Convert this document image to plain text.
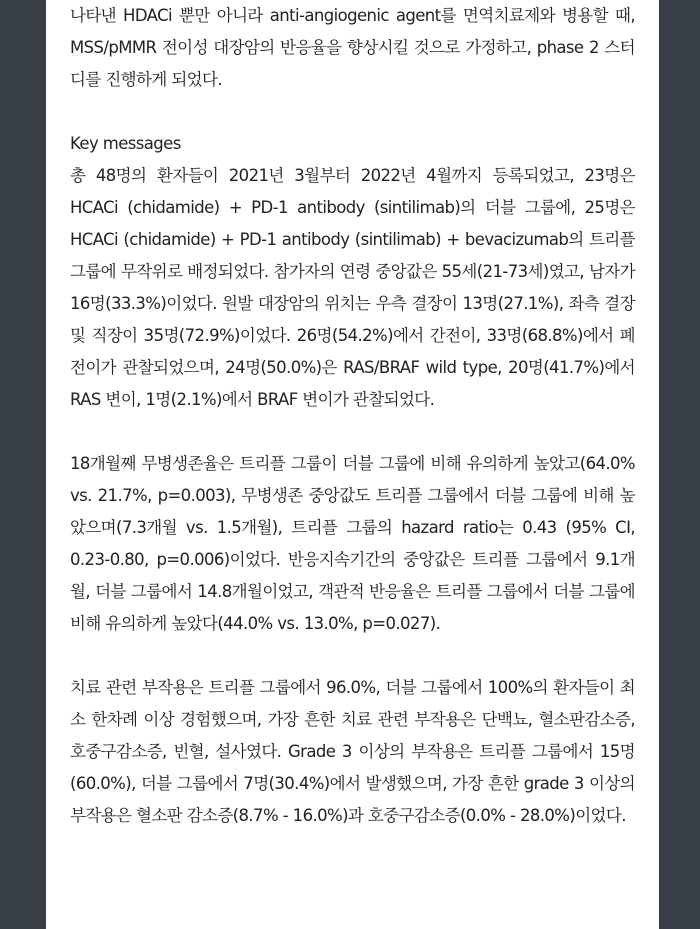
나타낸 HDACi 뿐만 아니라 anti-angiogenic agent를 면역치료제와 병용할 때, MSS/pMMR 전이성 대장암의 반응율을 향상시킬 것으로 가정하고, phase 2 스터디를 진행하게 되었다.

Key messages

총 48명의 환자들이 2021년 3월부터 2022년 4월까지 등록되었고, 23명은 HCACi (chidamide) + PD-1 antibody (sintilimab)의 더블 그룹에, 25명은 HCACi (chidamide) + PD-1 antibody (sintilimab) + bevacizumab의 트리플 그룹에 무작위로 배정되었다. 참가자의 연령 중앙값은 55세(21-73세)였고, 남자가 16명(33.3%)이었다. 원발 대장암의 위치는 우측 결장이 13명(27.1%), 좌측 결장 및 직장이 35명(72.9%)이었다. 26명(54.2%)에서 간전이, 33명(68.8%)에서 폐전이가 관찰되었으며, 24명(50.0%)은 RAS/BRAF wild type, 20명(41.7%)에서 RAS 변이, 1명(2.1%)에서 BRAF 변이가 관찰되었다.

18개월째 무병생존율은 트리플 그룹이 더블 그룹에 비해 유의하게 높았고(64.0% vs. 21.7%, p=0.003), 무병생존 중앙값도 트리플 그룹에서 더블 그룹에 비해 높았으며(7.3개월 vs. 1.5개월), 트리플 그룹의 hazard ratio는 0.43 (95% CI, 0.23-0.80, p=0.006)이었다. 반응지속기간의 중앙값은 트리플 그룹에서 9.1개월, 더블 그룹에서 14.8개월이었고, 객관적 반응율은 트리플 그룹에서 더블 그룹에 비해 유의하게 높았다(44.0% vs. 13.0%, p=0.027).

치료 관련 부작용은 트리플 그룹에서 96.0%, 더블 그룹에서 100%의 환자들이 최소 한차례 이상 경험했으며, 가장 흔한 치료 관련 부작용은 단백뇨, 혈소판감소증, 호중구감소증, 빈혈, 설사였다. Grade 3 이상의 부작용은 트리플 그룹에서 15명(60.0%), 더블 그룹에서 7명(30.4%)에서 발생했으며, 가장 흔한 grade 3 이상의 부작용은 혈소판 감소증(8.7% - 16.0%)과 호중구감소증(0.0% - 28.0%)이었다.
